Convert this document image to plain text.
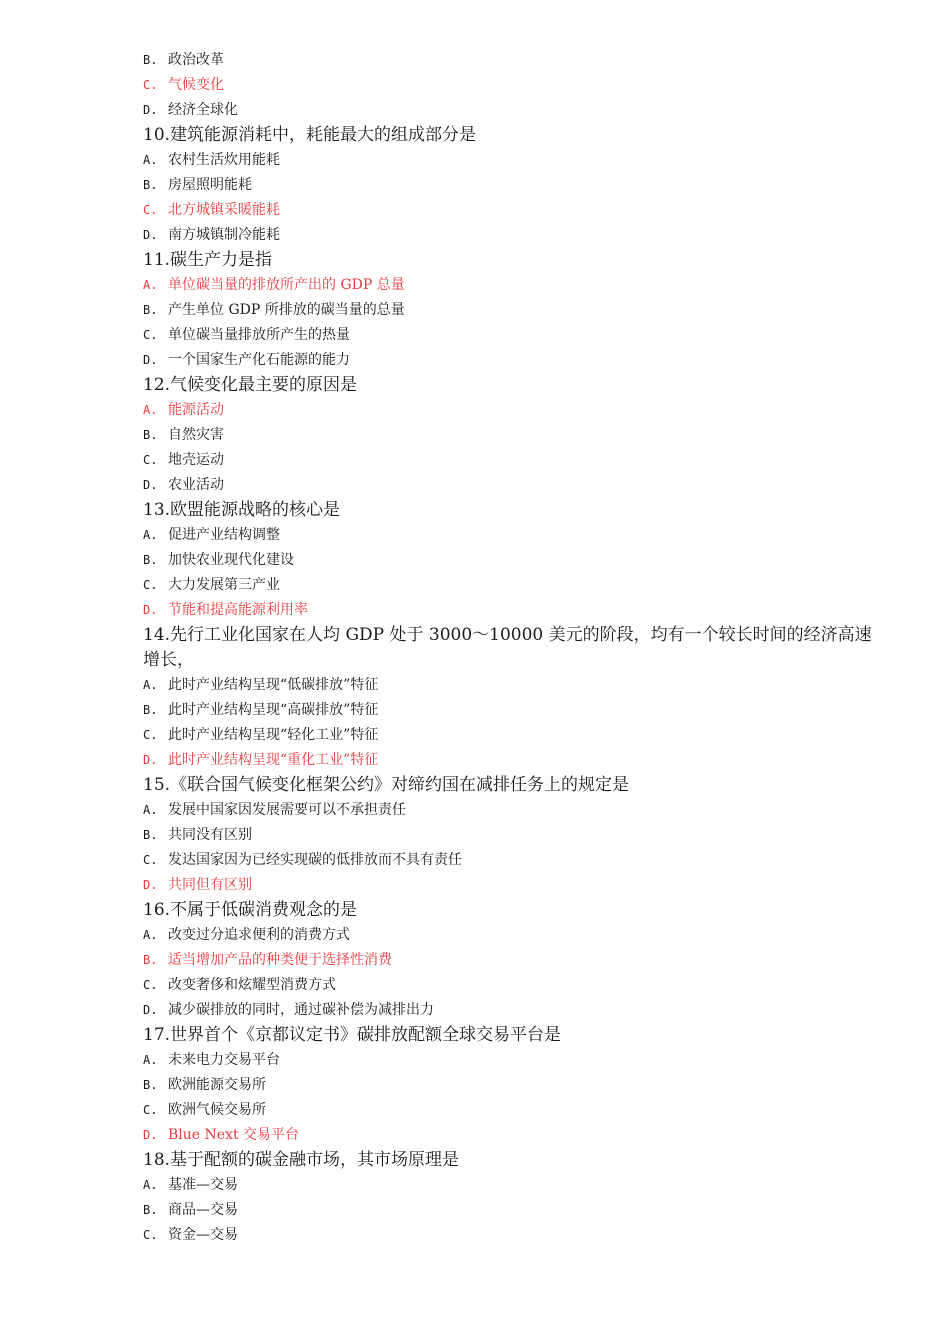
B. 政治改革
C. 气候变化
D. 经济全球化
10.建筑能源消耗中，耗能最大的组成部分是
A. 农村生活炊用能耗
B. 房屋照明能耗
C. 北方城镇采暖能耗
D. 南方城镇制冷能耗
11.碳生产力是指
A. 单位碳当量的排放所产出的 GDP 总量
B. 产生单位 GDP 所排放的碳当量的总量
C. 单位碳当量排放所产生的热量
D. 一个国家生产化石能源的能力
12.气候变化最主要的原因是
A. 能源活动
B. 自然灾害
C. 地壳运动
D. 农业活动
13.欧盟能源战略的核心是
A. 促进产业结构调整
B. 加快农业现代化建设
C. 大力发展第三产业
D. 节能和提高能源利用率
14.先行工业化国家在人均 GDP 处于 3000～10000 美元的阶段，均有一个较长时间的经济高速增长，
A. 此时产业结构呈现“低碳排放”特征
B. 此时产业结构呈现“高碳排放”特征
C. 此时产业结构呈现“轻化工业”特征
D. 此时产业结构呈现“重化工业”特征
15.《联合国气候变化框架公约》对缔约国在减排任务上的规定是
A. 发展中国家因发展需要可以不承担责任
B. 共同没有区别
C. 发达国家因为已经实现碳的低排放而不具有责任
D. 共同但有区别
16.不属于低碳消费观念的是
A. 改变过分追求便利的消费方式
B. 适当增加产品的种类便于选择性消费
C. 改变奢侈和炫耀型消费方式
D. 减少碳排放的同时，通过碳补偿为减排出力
17.世界首个《京都议定书》碳排放配额全球交易平台是
A. 未来电力交易平台
B. 欧洲能源交易所
C. 欧洲气候交易所
D. Blue Next 交易平台
18.基于配额的碳金融市场，其市场原理是
A. 基准—交易
B. 商品—交易
C. 资金—交易
